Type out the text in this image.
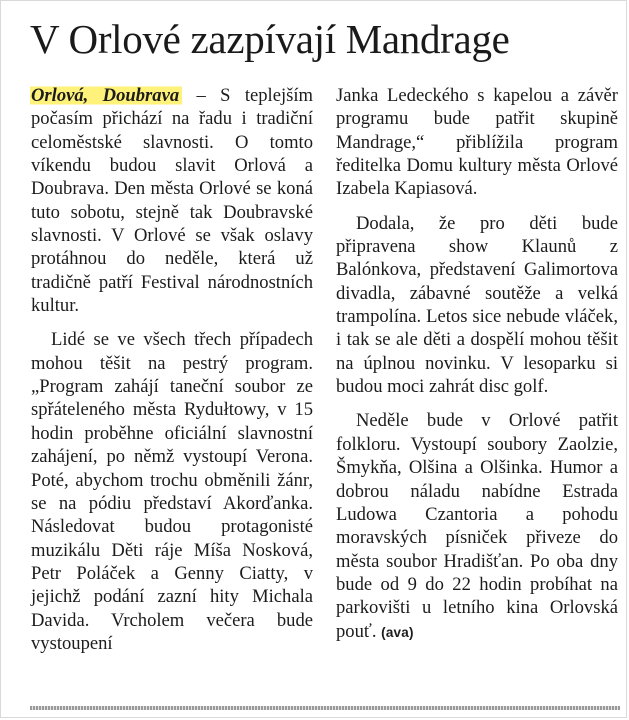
V Orlové zazpívají Mandrage

Orlová, Doubrava – S teplejším počasím přichází na řadu i tradiční celoměstské slavnosti. O tomto víkendu budou slavit Orlová a Doubrava. Den města Orlové se koná tuto sobotu, stejně tak Doubravské slavnosti. V Orlové se však oslavy protáhnou do neděle, která už tradičně patří Festival národnostních kultur.

Lidé se ve všech třech případech mohou těšit na pestrý program. „Program zahájí taneční soubor ze spřáteleného města Rydułtowy, v 15 hodin proběhne oficiální slavnostní zahájení, po němž vystoupí Verona. Poté, abychom trochu obměnili žánr, se na pódiu představí Akorďanka. Následovat budou protagonisté muzikálu Děti ráje Míša Nosková, Petr Poláček a Genny Ciatty, v jejichž podání zazní hity Michala Davida. Vrcholem večera bude vystoupení

Janka Ledeckého s kapelou a závěr programu bude patřit skupině Mandrage,“ přiblížila program ředitelka Domu kultury města Orlové Izabela Kapiasová.

Dodala, že pro děti bude připravena show Klaunů z Balónkova, představení Galimortova divadla, zábavné soutěže a velká trampolína. Letos sice nebude vláček, i tak se ale děti a dospělí mohou těšit na úplnou novinku. V lesoparku si budou moci zahrát disc golf.

Neděle bude v Orlové patřit folkloru. Vystoupí soubory Zaolzie, Šmykňa, Olšina a Olšinka. Humor a dobrou náladu nabídne Estrada Ludowa Czantoria a pohodu moravských písniček přiveze do města soubor Hradišťan. Po oba dny bude od 9 do 22 hodin probíhat na parkovišti u letního kina Orlovská pouť. (ava)
